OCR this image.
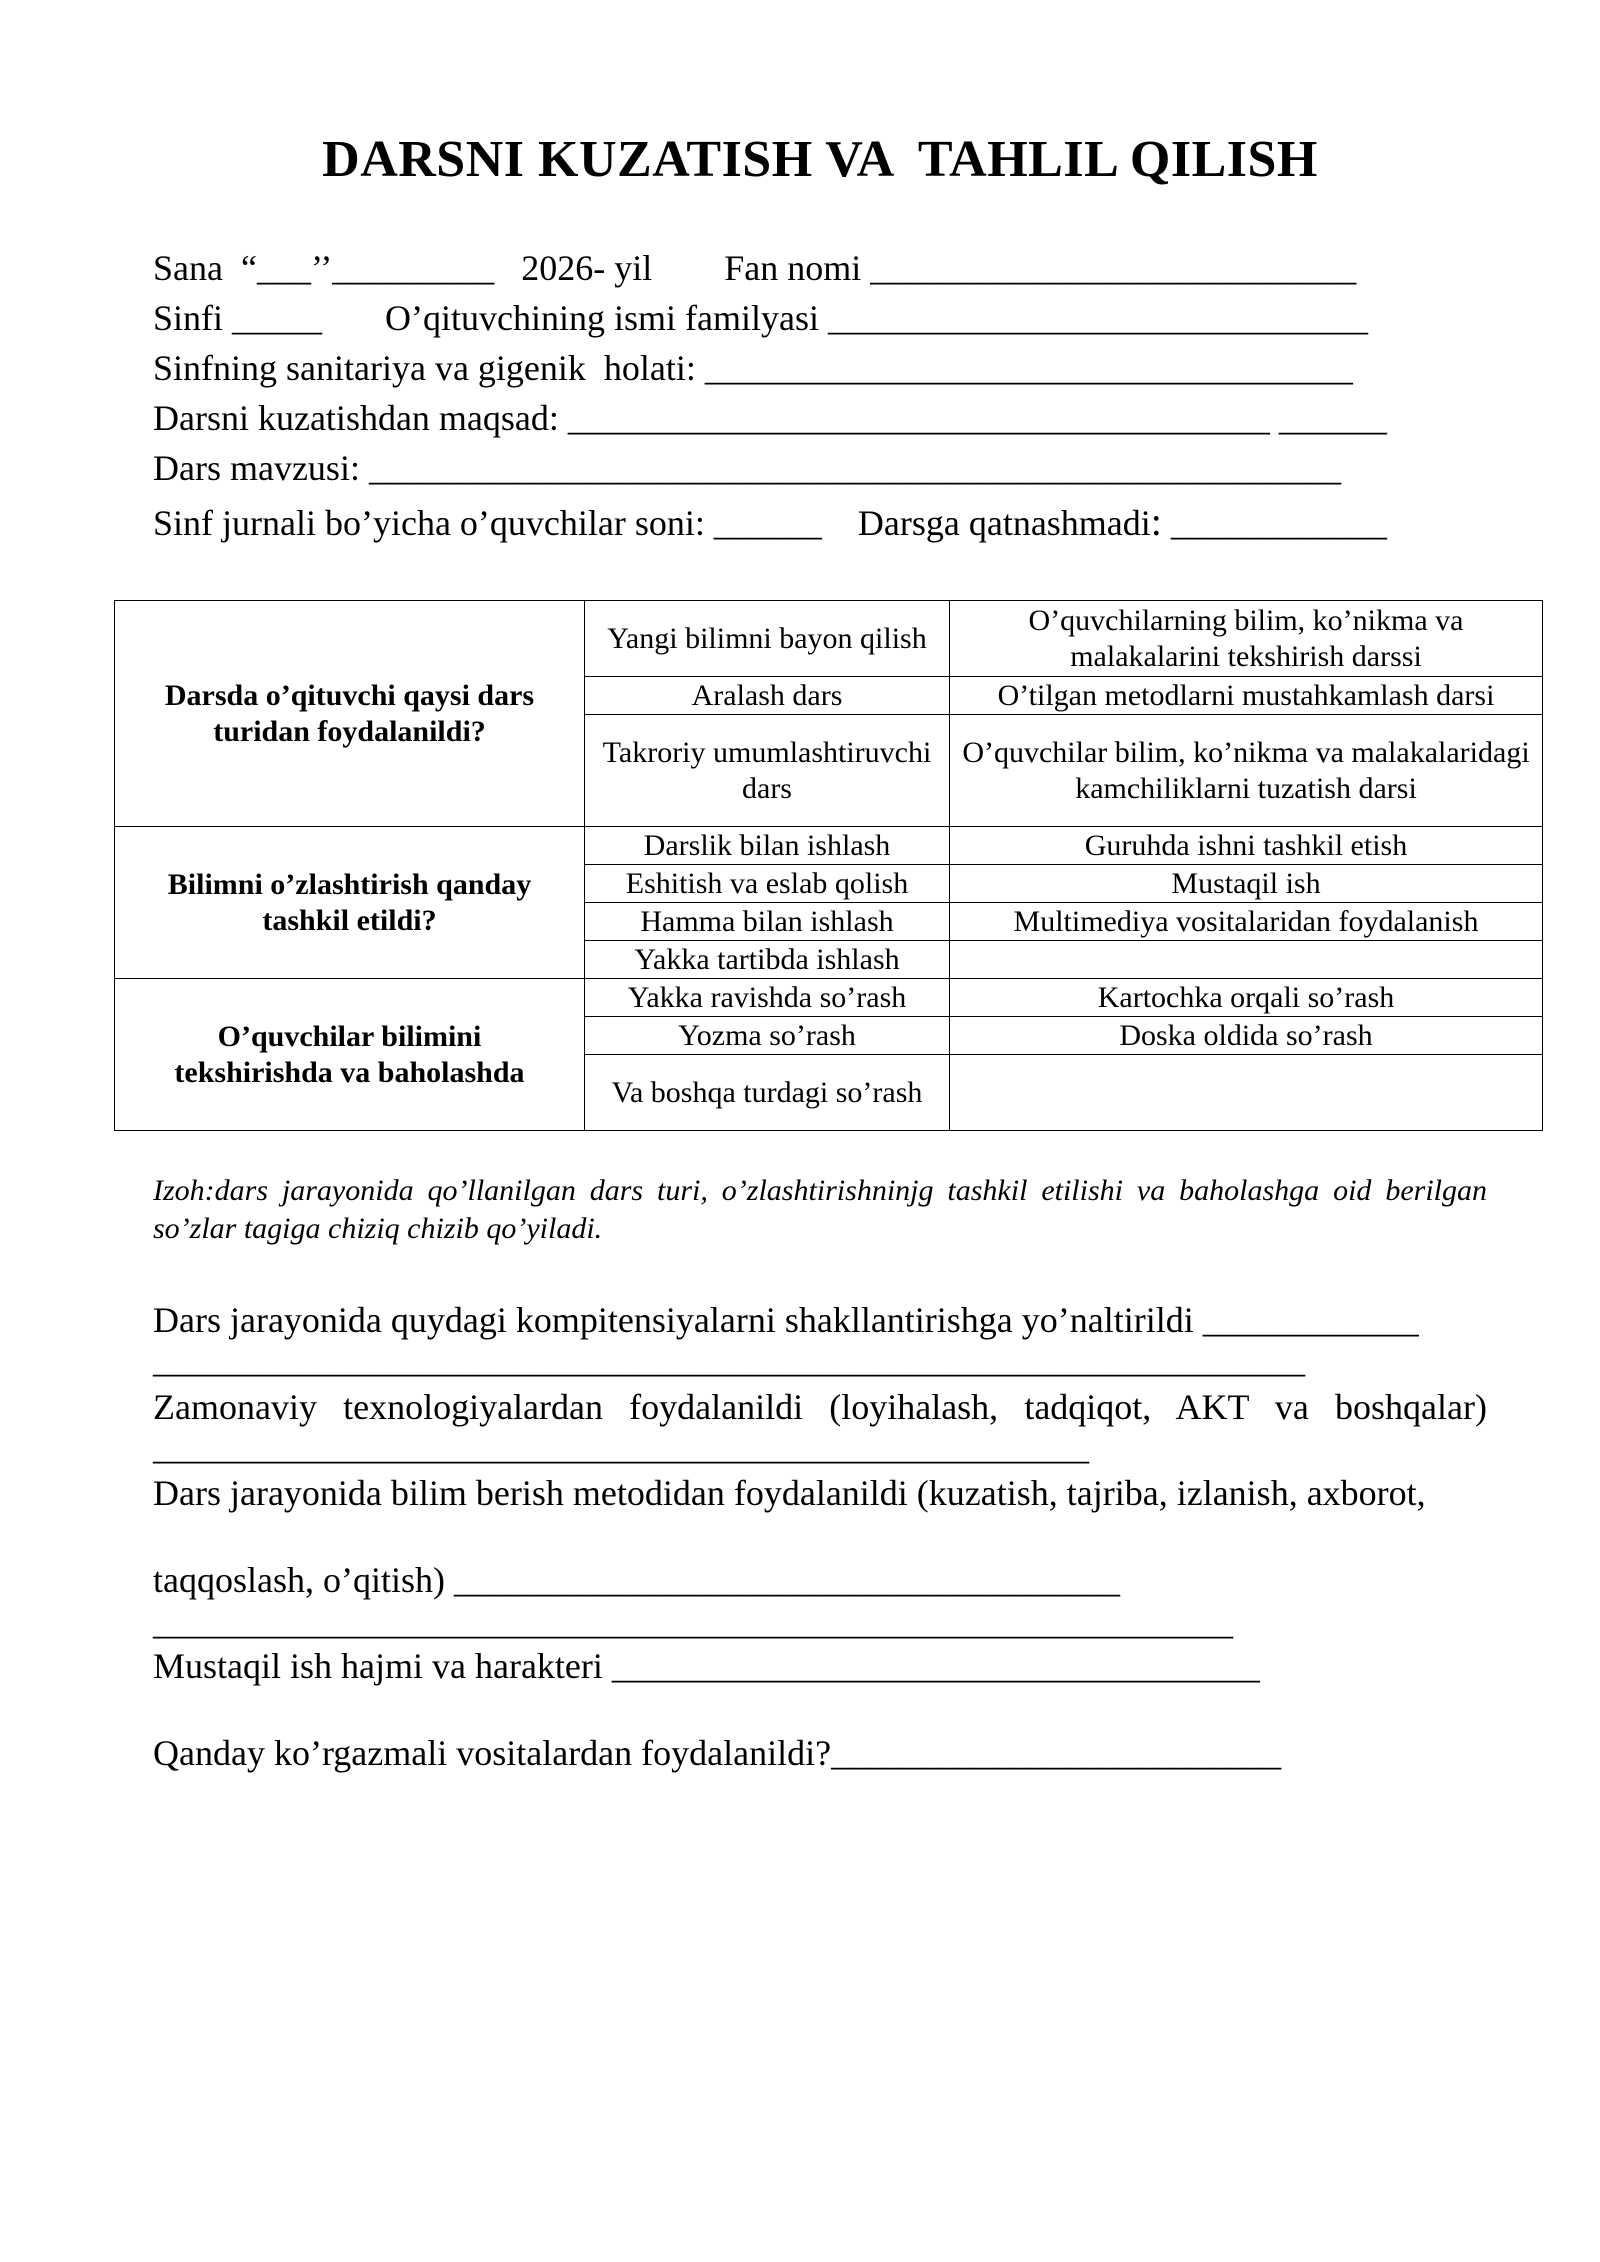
DARSNI KUZATISH VA  TAHLIL QILISH
Sana  “___’’_________   2026- yil        Fan nomi ___________________________
Sinfi _____       O’qituvchining ismi familyasi ______________________________
Sinfning sanitariya va gigenik  holati: ____________________________________
Darsni kuzatishdan maqsad: _______________________________________ ______
Dars mavzusi: ______________________________________________________
Sinf jurnali bo’yicha o’quvchilar soni: ______    Darsga qatnashmadi: ____________
Darsda o’qituvchi qaysi dars turidan foydalanildi?	Yangi bilimni bayon qilish	O’quvchilarning bilim, ko’nikma va malakalarini tekshirish darssi
	Aralash dars	O’tilgan metodlarni mustahkamlash darsi
	Takroriy umumlashtiruvchi dars	O’quvchilar bilim, ko’nikma va malakalaridagi kamchiliklarni tuzatish darsi
Bilimni o’zlashtirish qanday tashkil etildi?	Darslik bilan ishlash	Guruhda ishni tashkil etish
	Eshitish va eslab qolish	Mustaqil ish
	Hamma bilan ishlash	Multimediya vositalaridan foydalanish
	Yakka tartibda ishlash	
O’quvchilar bilimini tekshirishda va baholashda	Yakka ravishda so’rash	Kartochka orqali so’rash
	Yozma so’rash	Doska oldida so’rash
	Va boshqa turdagi so’rash	
Izoh:dars jarayonida qo’llanilgan dars turi, o’zlashtirishninjg tashkil etilishi va baholashga oid berilgan so’zlar tagiga chiziq chizib qo’yiladi.
Dars jarayonida quydagi kompitensiyalarni shakllantirishga yo’naltirildi ____________
________________________________________________________________
Zamonaviy texnologiyalardan foydalanildi (loyihalash, tadqiqot, AKT va boshqalar)
____________________________________________________
Dars jarayonida bilim berish metodidan foydalanildi (kuzatish, tajriba, izlanish, axborot,
taqqoslash, o’qitish) _____________________________________
____________________________________________________________
Mustaqil ish hajmi va harakteri ____________________________________
Qanday ko’rgazmali vositalardan foydalanildi?_________________________
